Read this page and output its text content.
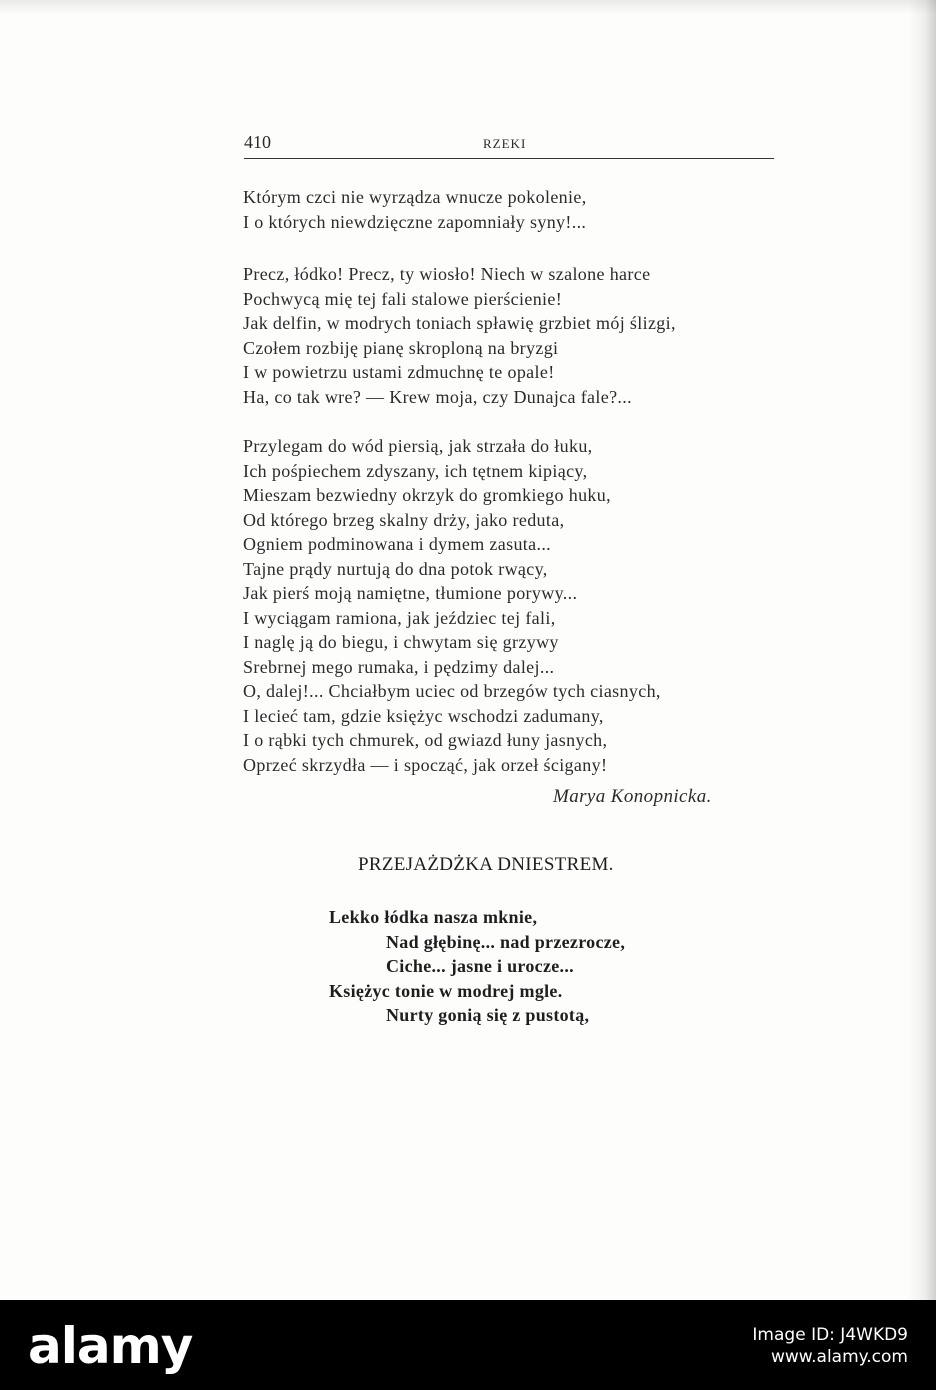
410	RZEKI
Którym czci nie wyrządza wnucze pokolenie,
I o których niewdzięczne zapomniały syny!...
Precz, łódko! Precz, ty wiosło! Niech w szalone harce
Pochwycą mię tej fali stalowe pierścienie!
Jak delfin, w modrych toniach spławię grzbiet mój ślizgi,
Czołem rozbiję pianę skroploną na bryzgi
I w powietrzu ustami zdmuchnę te opale!
Ha, co tak wre? — Krew moja, czy Dunajca fale?...
Przylegam do wód piersią, jak strzała do łuku,
Ich pośpiechem zdyszany, ich tętnem kipiący,
Mieszam bezwiedny okrzyk do gromkiego huku,
Od którego brzeg skalny drży, jako reduta,
Ogniem podminowana i dymem zasuta...
Tajne prądy nurtują do dna potok rwący,
Jak pierś moją namiętne, tłumione porywy...
I wyciągam ramiona, jak jeździec tej fali,
I naglę ją do biegu, i chwytam się grzywy
Srebrnej mego rumaka, i pędzimy dalej...
O, dalej!... Chciałbym uciec od brzegów tych ciasnych,
I lecieć tam, gdzie księżyc wschodzi zadumany,
I o rąbki tych chmurek, od gwiazd łuny jasnych,
Oprzeć skrzydła — i spocząć, jak orzeł ścigany!
Marya Konopnicka.
PRZEJAŻDŻKA DNIESTREM.
Lekko łódka nasza mknie,
Nad głębinę... nad przezrocze,
Ciche... jasne i urocze...
Księżyc tonie w modrej mgle.
Nurty gonią się z pustotą,
alamy	Image ID: J4WKD9
www.alamy.com
